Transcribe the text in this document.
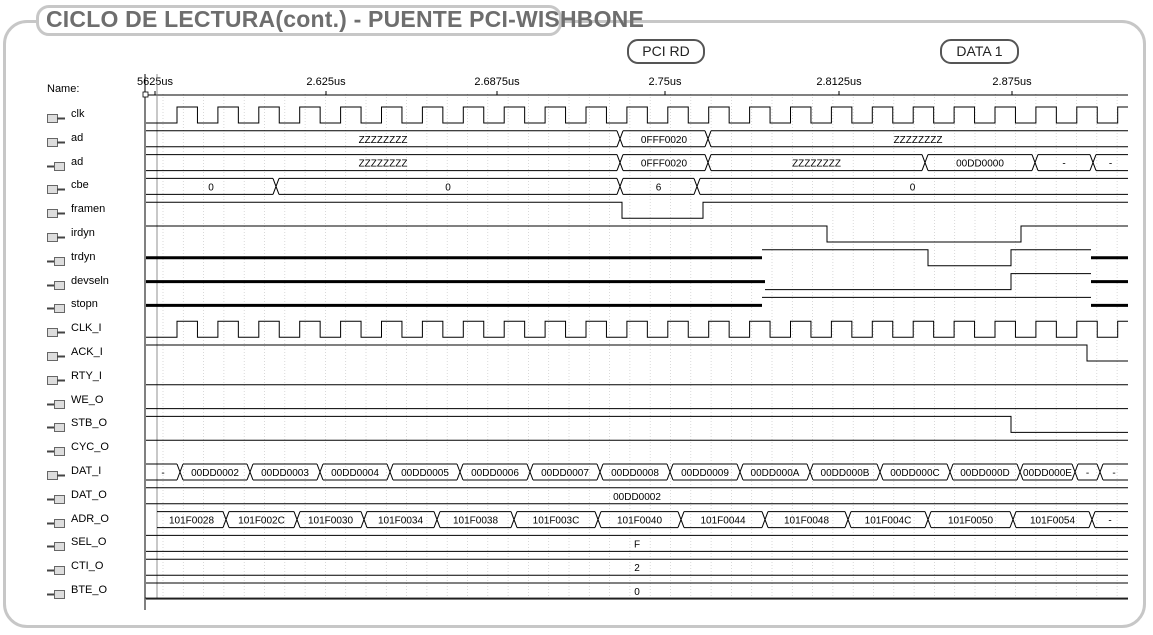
CICLO DE LECTURA(cont.) - PUENTE PCI-WISHBONE
PCI RD	DATA 1
Name:
5625us	2.625us	2.6875us	2.75us	2.8125us	2.875us
clk
ad
ad
cbe
framen
irdyn
trdyn
devseln
stopn
CLK_I
ACK_I
RTY_I
WE_O
STB_O
CYC_O
DAT_I
DAT_O
ADR_O
SEL_O
CTI_O
BTE_O
ZZZZZZZZ	0FFF0020	ZZZZZZZZ
ZZZZZZZZ	0FFF0020	ZZZZZZZZ	00DD0000	-	-
0	0	6	0
-	00DD0002 00DD0003 00DD0004 00DD0005 00DD0006 00DD0007 00DD0008 00DD0009 00DD000A 00DD000B 00DD000C 00DD000D 00DD000E - -
00DD0002
101F0028 101F002C 101F0030 101F0034	101F0038	101F003C	101F0040	101F0044	101F0048	101F004C	101F0050	101F0054	-
F
2
0
